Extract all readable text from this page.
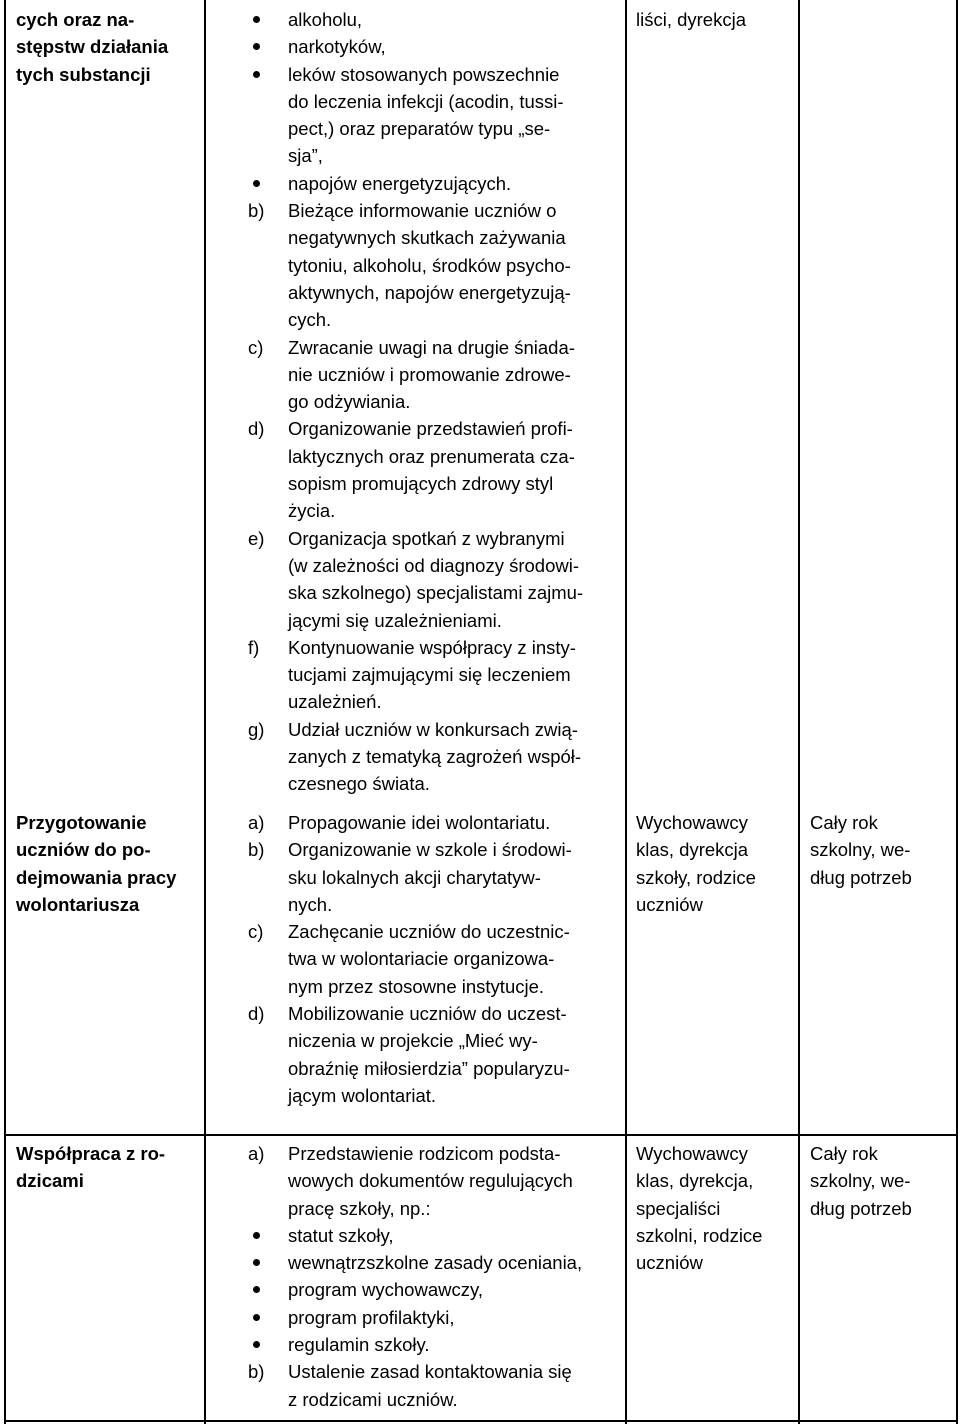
cych oraz na-
stępstw działania
tych substancji
alkoholu,
narkotyków,
leków stosowanych powszechnie
do leczenia infekcji (acodin, tussi-
pect,) oraz preparatów typu „se-
sja”,
napojów energetyzujących.
b) Bieżące informowanie uczniów o
negatywnych skutkach zażywania
tytoniu, alkoholu, środków psycho-
aktywnych, napojów energetyzują-
cych.
c) Zwracanie uwagi na drugie śniada-
nie uczniów i promowanie zdrowe-
go odżywiania.
d) Organizowanie przedstawień profi-
laktycznych oraz prenumerata cza-
sopism promujących zdrowy styl
życia.
e) Organizacja spotkań z wybranymi
(w zależności od diagnozy środowi-
ska szkolnego) specjalistami zajmu-
jącymi się uzależnieniami.
f) Kontynuowanie współpracy z insty-
tucjami zajmującymi się leczeniem
uzależnień.
g) Udział uczniów w konkursach zwią-
zanych z tematyką zagrożeń współ-
czesnego świata.
liści, dyrekcja
Przygotowanie
uczniów do po-
dejmowania pracy
wolontariusza
a) Propagowanie idei wolontariatu.
b) Organizowanie w szkole i środowi-
sku lokalnych akcji charytatyw-
nych.
c) Zachęcanie uczniów do uczestnic-
twa w wolontariacie organizowa-
nym przez stosowne instytucje.
d) Mobilizowanie uczniów do uczest-
niczenia w projekcie „Mieć wy-
obraźnię miłosierdzia” popularyzu-
jącym wolontariat.
Wychowawcy
klas, dyrekcja
szkoły, rodzice
uczniów
Cały rok
szkolny, we-
dług potrzeb
Współpraca z ro-
dzicami
a) Przedstawienie rodzicom podsta-
wowych dokumentów regulujących
pracę szkoły, np.:
statut szkoły,
wewnątrzszkolne zasady oceniania,
program wychowawczy,
program profilaktyki,
regulamin szkoły.
b) Ustalenie zasad kontaktowania się
z rodzicami uczniów.
Wychowawcy
klas, dyrekcja,
specjaliści
szkolni, rodzice
uczniów
Cały rok
szkolny, we-
dług potrzeb
